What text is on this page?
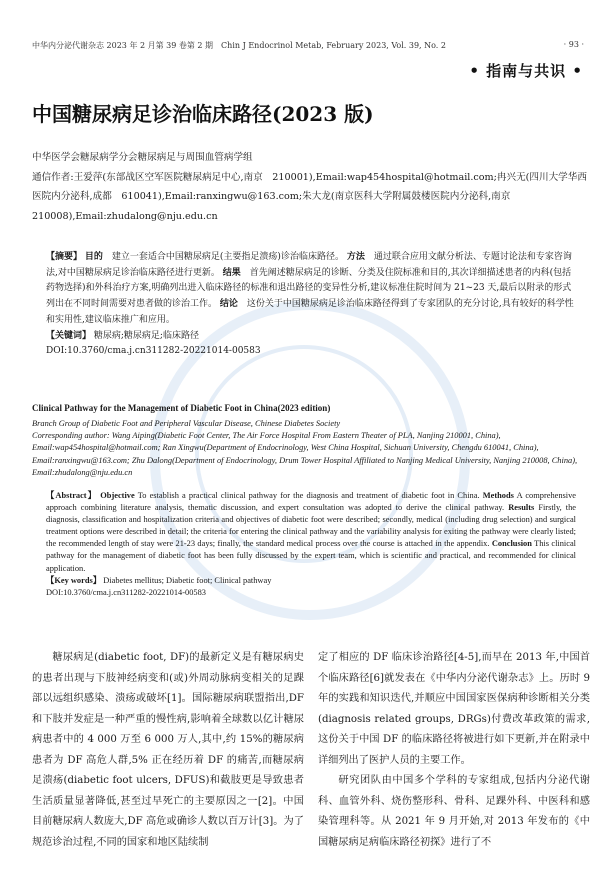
中华内分泌代谢杂志 2023 年 2 月第 39 卷第 2 期　Chin J Endocrinol Metab, February 2023, Vol. 39, No. 2	· 93 ·
• 指南与共识 •
中国糖尿病足诊治临床路径(2023 版)

中华医学会糖尿病学分会糖尿病足与周围血管病学组

通信作者:王爱萍(东部战区空军医院糖尿病足中心,南京　210001),Email:wap454hospital@hotmail.com;冉兴无(四川大学华西医院内分泌科,成都　610041),Email:ranxingwu@163.com;朱大龙(南京医科大学附属鼓楼医院内分泌科,南京　210008),Email:zhudalong@nju.edu.cn

【摘要】 目的　 建立一套适合中国糖尿病足(主要指足溃疡)诊治临床路径。 方法　 通过联合应用文献分析法、专题讨论法和专家咨询法,对中国糖尿病足诊治临床路径进行更新。 结果　 首先阐述糖尿病足的诊断、分类及住院标准和目的,其次详细描述患者的内科(包括药物选择)和外科治疗方案,明确列出进入临床路径的标准和退出路径的变异性分析,建议标准住院时间为 21~23 天,最后以附录的形式列出在不同时间需要对患者做的诊治工作。 结论　 这份关于中国糖尿病足诊治临床路径得到了专家团队的充分讨论,具有较好的科学性和实用性,建议临床推广和应用。

【关键词】 糖尿病;糖尿病足;临床路径

DOI:10.3760/cma.j.cn311282-20221014-00583

Clinical Pathway for the Management of Diabetic Foot in China(2023 edition)

Branch Group of Diabetic Foot and Peripheral Vascular Disease, Chinese Diabetes Society

Corresponding author: Wang Aiping(Diabetic Foot Center, The Air Force Hospital From Eastern Theater of PLA, Nanjing 210001, China), Email:wap454hospital@hotmail.com; Ran Xingwu(Department of Endocrinology, West China Hospital, Sichuan University, Chengdu 610041, China), Email:ranxingwu@163.com; Zhu Dalong(Department of Endocrinology, Drum Tower Hospital Affiliated to Nanjing Medical University, Nanjing 210008, China), Email:zhudalong@nju.edu.cn

【Abstract】 Objective To establish a practical clinical pathway for the diagnosis and treatment of diabetic foot in China. Methods A comprehensive approach combining literature analysis, thematic discussion, and expert consultation was adopted to derive the clinical pathway. Results Firstly, the diagnosis, classification and hospitalization criteria and objectives of diabetic foot were described; secondly, medical (including drug selection) and surgical treatment options were described in detail; the criteria for entering the clinical pathway and the variability analysis for exiting the pathway were clearly listed; the recommended length of stay were 21-23 days; finally, the standard medical process over the course is attached in the appendix. Conclusion This clinical pathway for the management of diabetic foot has been fully discussed by the expert team, which is scientific and practical, and recommended for clinical application.

【Key words】 Diabetes mellitus; Diabetic foot; Clinical pathway

DOI:10.3760/cma.j.cn311282-20221014-00583

糖尿病足(diabetic foot, DF)的最新定义是有糖尿病史的患者出现与下肢神经病变和(或)外周动脉病变相关的足踝部以远组织感染、溃疡或破坏[1]。国际糖尿病联盟指出,DF 和下肢并发症是一种严重的慢性病,影响着全球数以亿计糖尿病患者中的 4 000 万至 6 000 万人,其中,约 15%的糖尿病患者为 DF 高危人群,5% 正在经历着 DF 的痛苦,而糖尿病足溃疡(diabetic foot ulcers, DFUS)和截肢更是导致患者生活质量显著降低,甚至过早死亡的主要原因之一[2]。中国目前糖尿病人数庞大,DF 高危或确诊人数以百万计[3]。为了规范诊治过程,不同的国家和地区陆续制

定了相应的 DF 临床诊治路径[4-5],而早在 2013 年,中国首个临床路径[6]就发表在《中华内分泌代谢杂志》上。历时 9 年的实践和知识迭代,并顺应中国国家医保病种诊断相关分类(diagnosis related groups, DRGs)付费改革政策的需求,这份关于中国 DF 的临床路径将被进行如下更新,并在附录中详细列出了医护人员的主要工作。

研究团队由中国多个学科的专家组成,包括内分泌代谢科、血管外科、烧伤整形科、骨科、足踝外科、中医科和感染管理科等。从 2021 年 9 月开始,对 2013 年发布的《中国糖尿病足病临床路径初探》进行了不
